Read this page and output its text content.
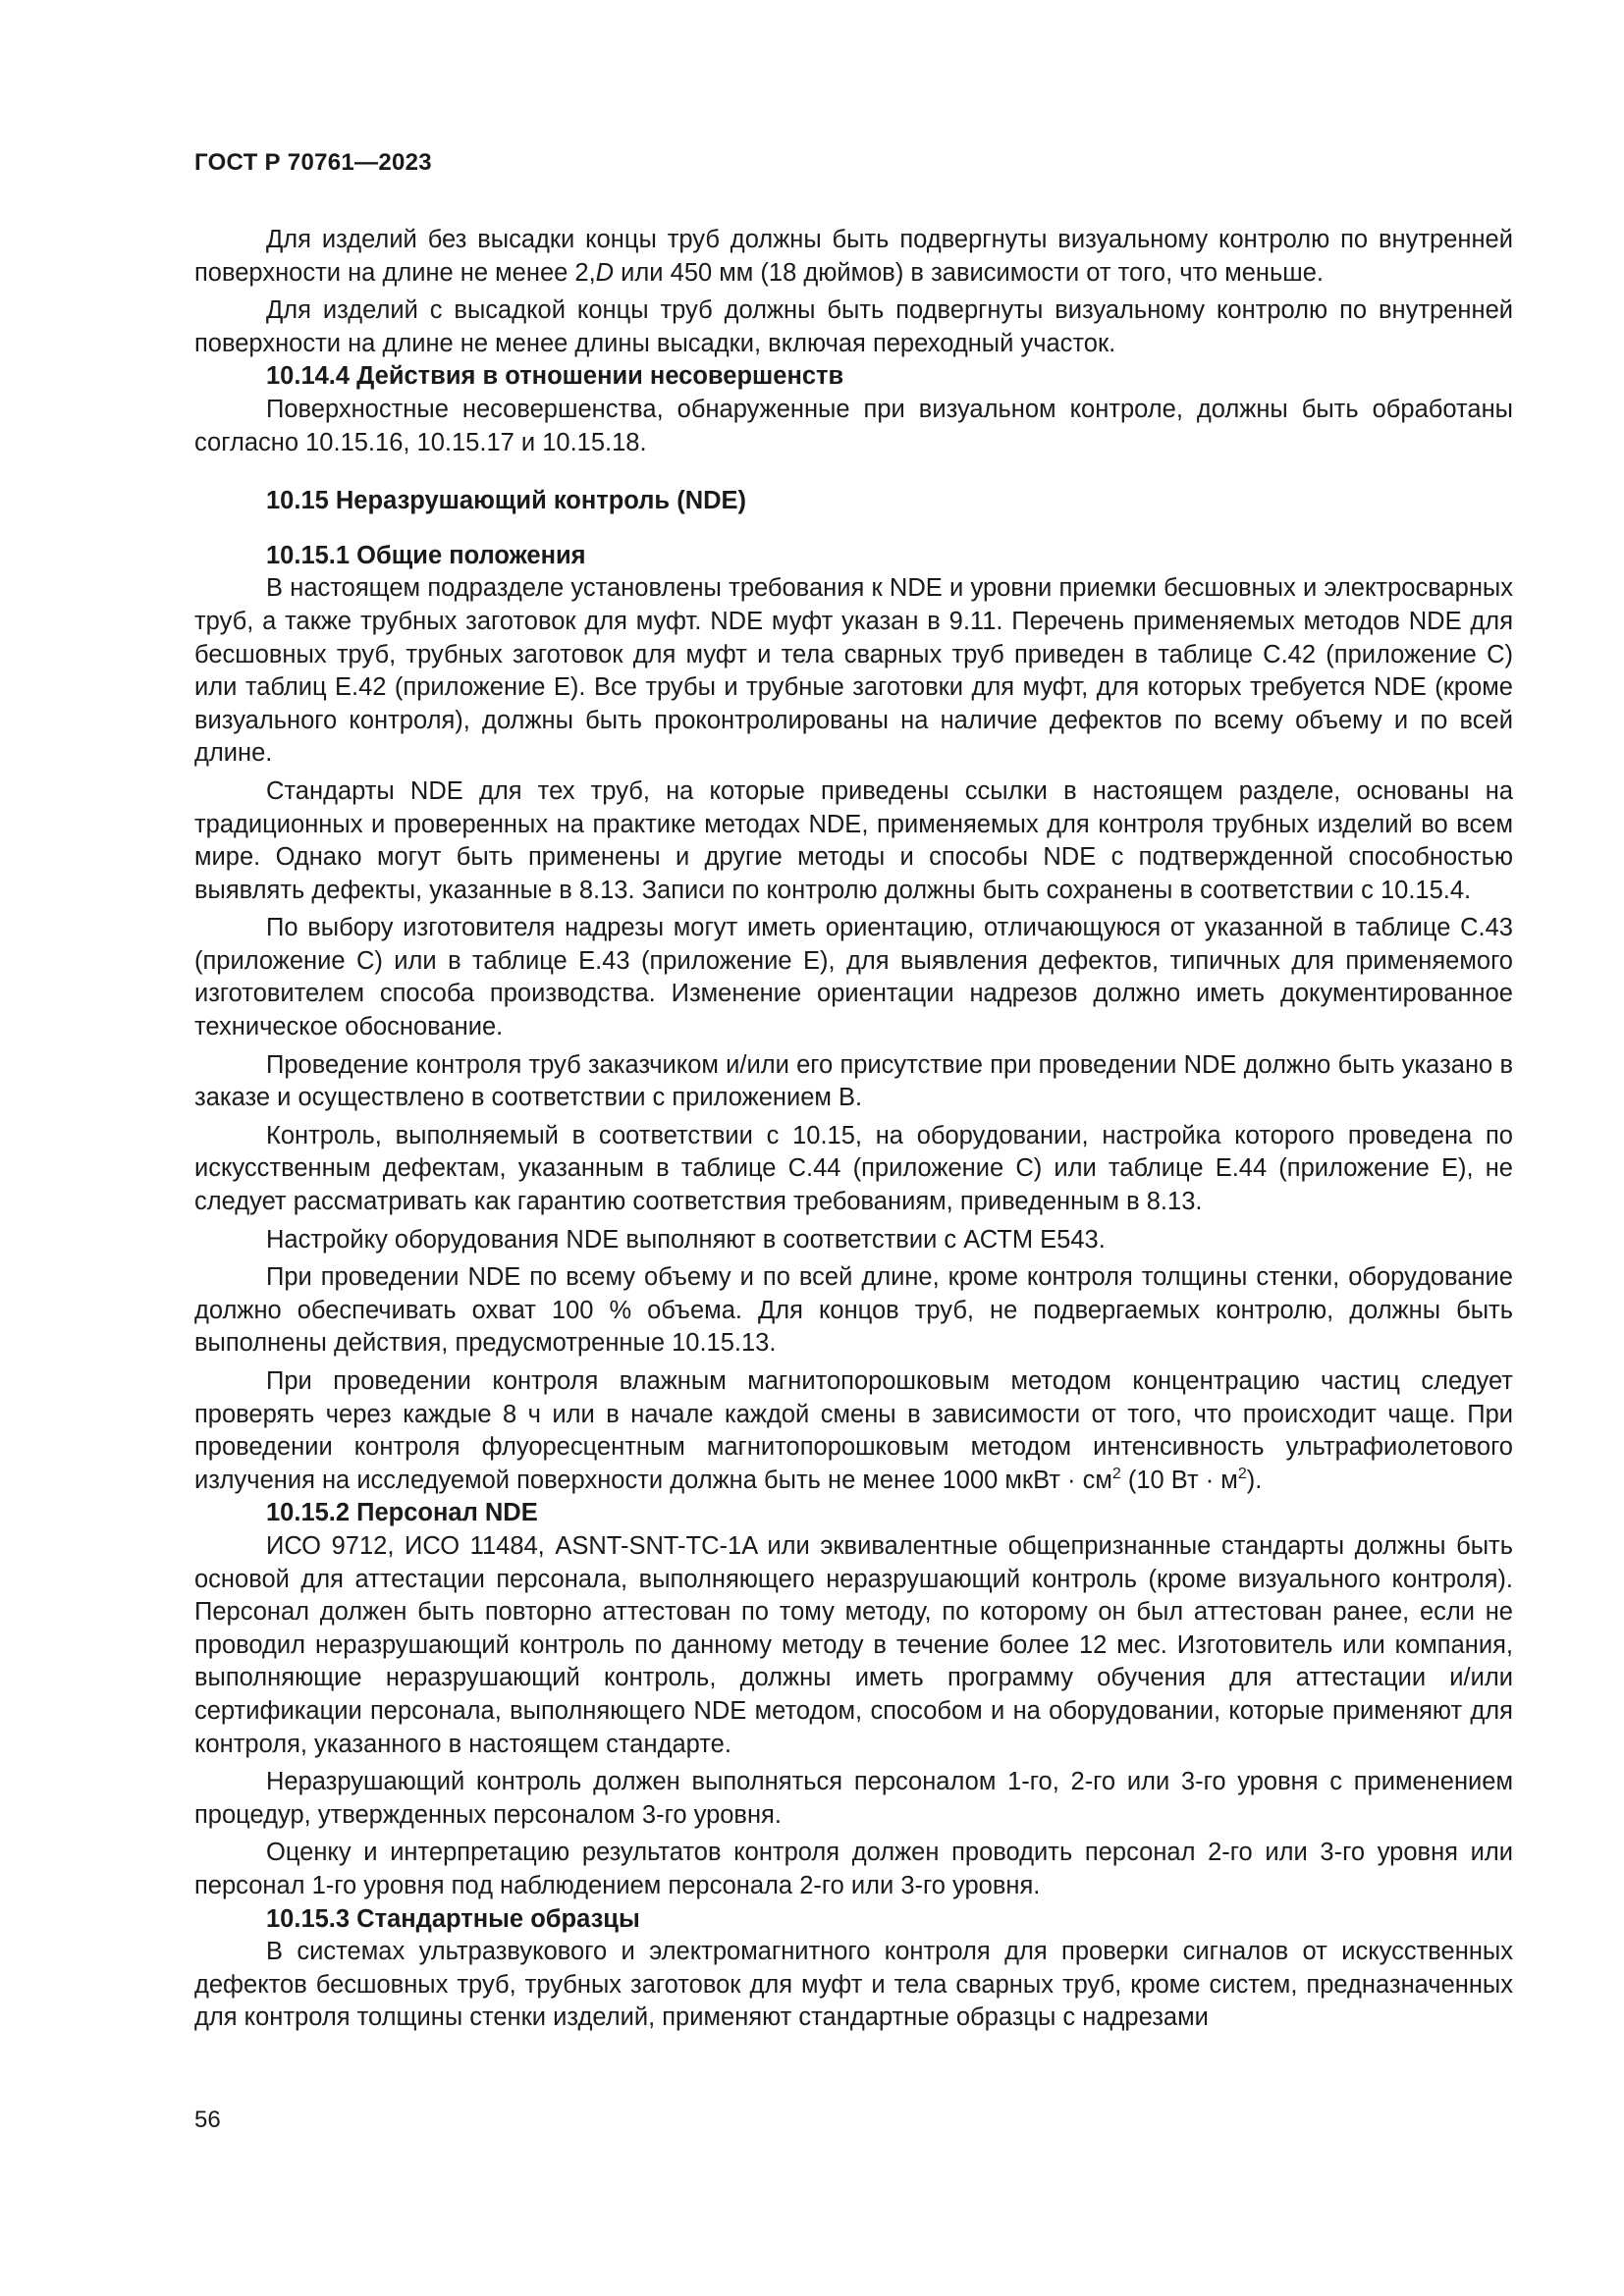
ГОСТ Р 70761—2023

Для изделий без высадки концы труб должны быть подвергнуты визуальному контролю по внутренней поверхности на длине не менее 2,D или 450 мм (18 дюймов) в зависимости от того, что меньше.

Для изделий с высадкой концы труб должны быть подвергнуты визуальному контролю по внутренней поверхности на длине не менее длины высадки, включая переходный участок.

10.14.4 Действия в отношении несовершенств

Поверхностные несовершенства, обнаруженные при визуальном контроле, должны быть обработаны согласно 10.15.16, 10.15.17 и 10.15.18.

10.15 Неразрушающий контроль (NDE)
10.15.1 Общие положения

В настоящем подразделе установлены требования к NDE и уровни приемки бесшовных и электросварных труб, а также трубных заготовок для муфт. NDE муфт указан в 9.11. Перечень применяемых методов NDE для бесшовных труб, трубных заготовок для муфт и тела сварных труб приведен в таблице С.42 (приложение С) или таблиц Е.42 (приложение Е). Все трубы и трубные заготовки для муфт, для которых требуется NDE (кроме визуального контроля), должны быть проконтролированы на наличие дефектов по всему объему и по всей длине.

Стандарты NDE для тех труб, на которые приведены ссылки в настоящем разделе, основаны на традиционных и проверенных на практике методах NDE, применяемых для контроля трубных изделий во всем мире. Однако могут быть применены и другие методы и способы NDE с подтвержденной способностью выявлять дефекты, указанные в 8.13. Записи по контролю должны быть сохранены в соответствии с 10.15.4.

По выбору изготовителя надрезы могут иметь ориентацию, отличающуюся от указанной в таблице С.43 (приложение С) или в таблице Е.43 (приложение Е), для выявления дефектов, типичных для применяемого изготовителем способа производства. Изменение ориентации надрезов должно иметь документированное техническое обоснование.

Проведение контроля труб заказчиком и/или его присутствие при проведении NDE должно быть указано в заказе и осуществлено в соответствии с приложением В.

Контроль, выполняемый в соответствии с 10.15, на оборудовании, настройка которого проведена по искусственным дефектам, указанным в таблице С.44 (приложение С) или таблице Е.44 (приложение Е), не следует рассматривать как гарантию соответствия требованиям, приведенным в 8.13.

Настройку оборудования NDE выполняют в соответствии с АСТМ Е543.

При проведении NDE по всему объему и по всей длине, кроме контроля толщины стенки, оборудование должно обеспечивать охват 100 % объема. Для концов труб, не подвергаемых контролю, должны быть выполнены действия, предусмотренные 10.15.13.

При проведении контроля влажным магнитопорошковым методом концентрацию частиц следует проверять через каждые 8 ч или в начале каждой смены в зависимости от того, что происходит чаще. При проведении контроля флуоресцентным магнитопорошковым методом интенсивность ультрафиолетового излучения на исследуемой поверхности должна быть не менее 1000 мкВт · $см^2$ (10 Вт · $м^2$).

10.15.2 Персонал NDE

ИСО 9712, ИСО 11484, ASNT-SNT-TC-1A или эквивалентные общепризнанные стандарты должны быть основой для аттестации персонала, выполняющего неразрушающий контроль (кроме визуального контроля). Персонал должен быть повторно аттестован по тому методу, по которому он был аттестован ранее, если не проводил неразрушающий контроль по данному методу в течение более 12 мес. Изготовитель или компания, выполняющие неразрушающий контроль, должны иметь программу обучения для аттестации и/или сертификации персонала, выполняющего NDE методом, способом и на оборудовании, которые применяют для контроля, указанного в настоящем стандарте.

Неразрушающий контроль должен выполняться персоналом 1-го, 2-го или 3-го уровня с применением процедур, утвержденных персоналом 3-го уровня.

Оценку и интерпретацию результатов контроля должен проводить персонал 2-го или 3-го уровня или персонал 1-го уровня под наблюдением персонала 2-го или 3-го уровня.

10.15.3 Стандартные образцы

В системах ультразвукового и электромагнитного контроля для проверки сигналов от искусственных дефектов бесшовных труб, трубных заготовок для муфт и тела сварных труб, кроме систем, предназначенных для контроля толщины стенки изделий, применяют стандартные образцы с надрезами

56
